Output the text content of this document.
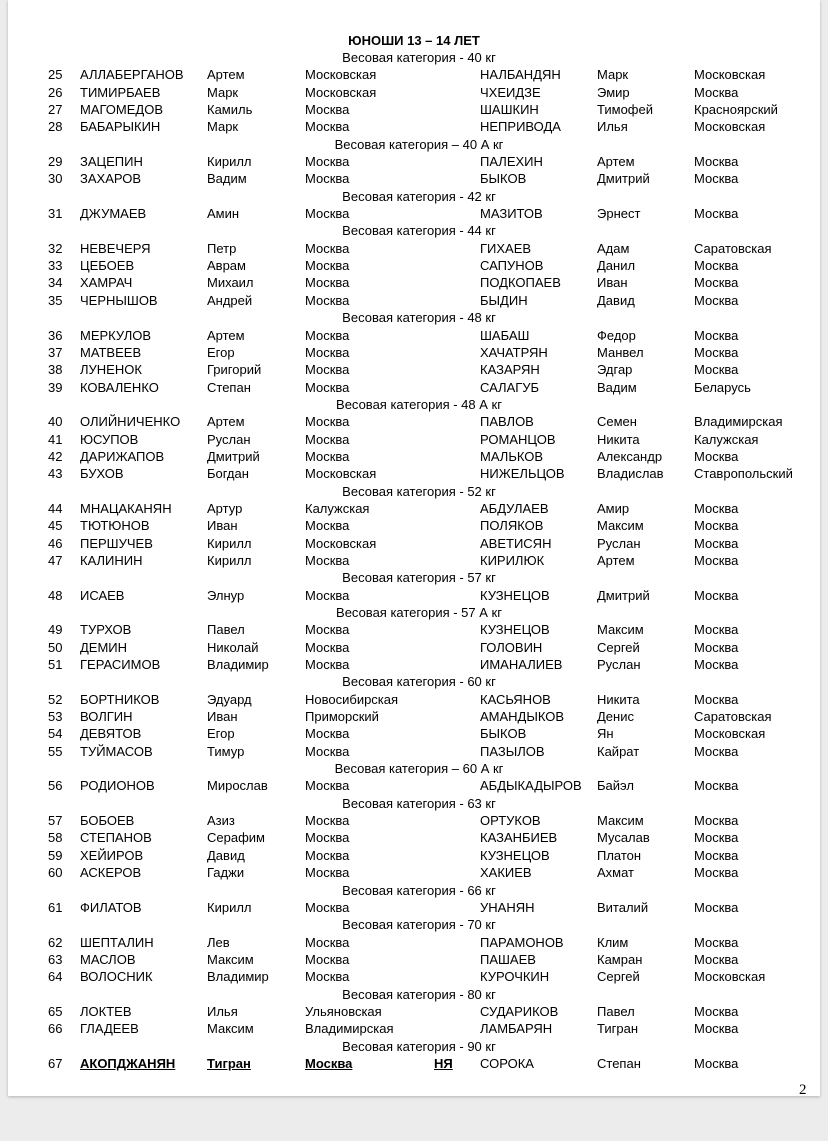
ЮНОШИ 13 – 14 ЛЕТ
Весовая категория - 40 кг
25 АЛЛАБЕРГАНОВ Артем	Московская	НАЛБАНДЯН	Марк	Московская
26 ТИМИРБАЕВ	Марк	Московская	ЧХЕИДЗЕ	Эмир	Москва
27 МАГОМЕДОВ	Камиль	Москва	ШАШКИН	Тимофей	Красноярский
28 БАБАРЫКИН	Марк	Москва	НЕПРИВОДА	Илья	Московская
Весовая категория – 40 А кг
29 ЗАЦЕПИН	Кирилл	Москва	ПАЛЕХИН	Артем	Москва
30 ЗАХАРОВ	Вадим	Москва	БЫКОВ	Дмитрий	Москва
Весовая категория - 42 кг
31 ДЖУМАЕВ	Амин	Москва	МАЗИТОВ	Эрнест	Москва
Весовая категория - 44 кг
32 НЕВЕЧЕРЯ	Петр	Москва	ГИХАЕВ	Адам	Саратовская
33 ЦЕБОЕВ	Аврам	Москва	САПУНОВ	Данил	Москва
34 ХАМРАЧ	Михаил	Москва	ПОДКОПАЕВ	Иван	Москва
35 ЧЕРНЫШОВ	Андрей	Москва	БЫДИН	Давид	Москва
Весовая категория - 48 кг
36 МЕРКУЛОВ	Артем	Москва	ШАБАШ	Федор	Москва
37 МАТВЕЕВ	Егор	Москва	ХАЧАТРЯН	Манвел	Москва
38 ЛУНЕНОК	Григорий	Москва	КАЗАРЯН	Эдгар	Москва
39 КОВАЛЕНКО	Степан	Москва	САЛАГУБ	Вадим	Беларусь
Весовая категория - 48 А кг
40 ОЛИЙНИЧЕНКО Артем	Москва	ПАВЛОВ	Семен	Владимирская
41 ЮСУПОВ	Руслан	Москва	РОМАНЦОВ	Никита	Калужская
42 ДАРИЖАПОВ	Дмитрий	Москва	МАЛЬКОВ	Александр Москва
43 БУХОВ	Богдан	Московская	НИЖЕЛЬЦОВ Владислав Ставропольский
Весовая категория - 52 кг
44 МНАЦАКАНЯН	Артур	Калужская	АБДУЛАЕВ	Амир	Москва
45 ТЮТЮНОВ	Иван	Москва	ПОЛЯКОВ	Максим	Москва
46 ПЕРШУЧЕВ	Кирилл	Московская	АВЕТИСЯН	Руслан	Москва
47 КАЛИНИН	Кирилл	Москва	КИРИЛЮК	Артем	Москва
Весовая категория - 57 кг
48 ИСАЕВ	Элнур	Москва	КУЗНЕЦОВ	Дмитрий	Москва
Весовая категория - 57 А кг
49 ТУРХОВ	Павел	Москва	КУЗНЕЦОВ	Максим	Москва
50 ДЕМИН	Николай	Москва	ГОЛОВИН	Сергей	Москва
51 ГЕРАСИМОВ	Владимир	Москва	ИМАНАЛИЕВ	Руслан	Москва
Весовая категория - 60 кг
52 БОРТНИКОВ	Эдуард	Новосибирская	КАСЬЯНОВ	Никита	Москва
53 ВОЛГИН	Иван	Приморский	АМАНДЫКОВ	Денис	Саратовская
54 ДЕВЯТОВ	Егор	Москва	БЫКОВ	Ян	Московская
55 ТУЙМАСОВ	Тимур	Москва	ПАЗЫЛОВ	Кайрат	Москва
Весовая категория – 60 А кг
56 РОДИОНОВ	Мирослав	Москва	АБДЫКАДЫРОВ Байэл	Москва
Весовая категория - 63 кг
57 БОБОЕВ	Азиз	Москва	ОРТУКОВ	Максим	Москва
58 СТЕПАНОВ	Серафим	Москва	КАЗАНБИЕВ	Мусалав	Москва
59 ХЕЙИРОВ	Давид	Москва	КУЗНЕЦОВ	Платон	Москва
60 АСКЕРОВ	Гаджи	Москва	ХАКИЕВ	Ахмат	Москва
Весовая категория - 66 кг
61 ФИЛАТОВ	Кирилл	Москва	УНАНЯН	Виталий	Москва
Весовая категория - 70 кг
62 ШЕПТАЛИН	Лев	Москва	ПАРАМОНОВ	Клим	Москва
63 МАСЛОВ	Максим	Москва	ПАШАЕВ	Камран	Москва
64 ВОЛОСНИК	Владимир	Москва	КУРОЧКИН	Сергей	Московская
Весовая категория - 80 кг
65 ЛОКТЕВ	Илья	Ульяновская	СУДАРИКОВ	Павел	Москва
66 ГЛАДЕЕВ	Максим	Владимирская	ЛАМБАРЯН	Тигран	Москва
Весовая категория - 90 кг
67 АКОПДЖАНЯН Тигран	Москва	НЯ СОРОКА	Степан	Москва
2
